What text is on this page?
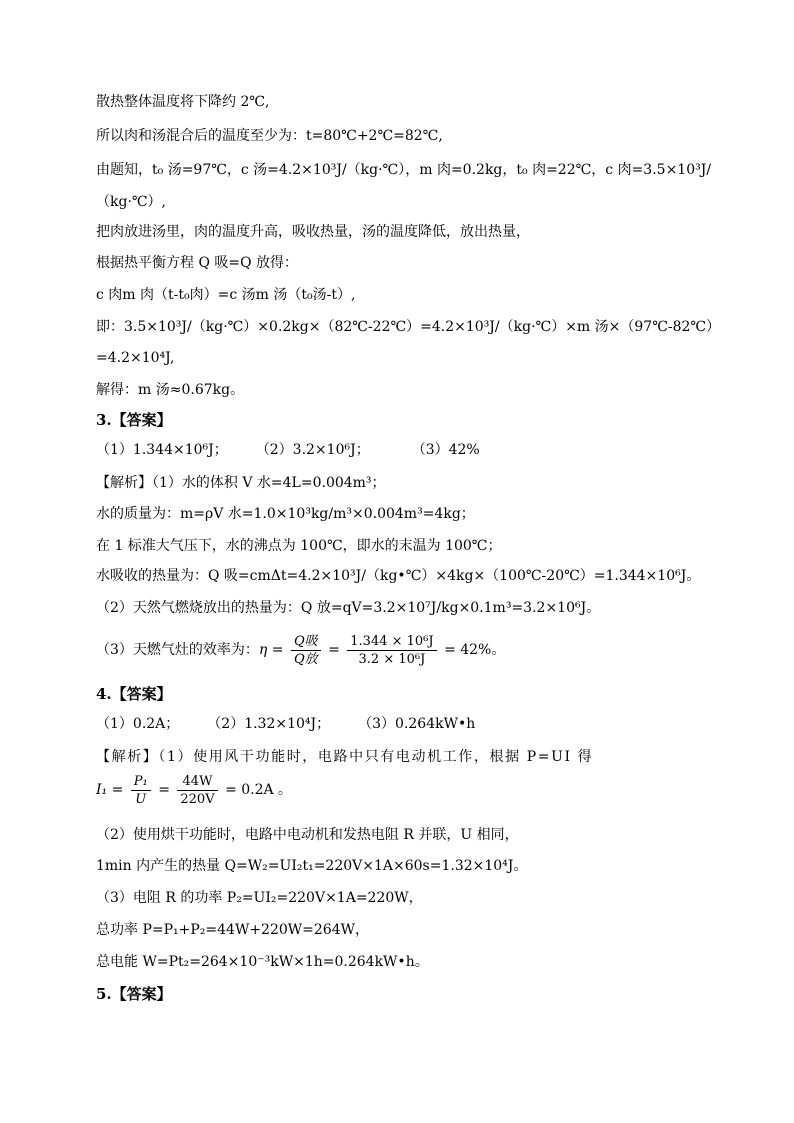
散热整体温度将下降约 2℃,
所以肉和汤混合后的温度至少为：t=80℃+2℃=82℃,
由题知，t₀ 汤=97℃，c 汤=4.2×10³J/（kg·℃），m 肉=0.2kg，t₀ 肉=22℃，c 肉=3.5×10³J/
（kg·℃）,
把肉放进汤里，肉的温度升高，吸收热量，汤的温度降低，放出热量，
根据热平衡方程 Q 吸=Q 放得：
c 肉m 肉（t-t₀肉）=c 汤m 汤（t₀汤-t）,
即：3.5×10³J/（kg·℃）×0.2kg×（82℃-22℃）=4.2×10³J/（kg·℃）×m 汤×（97℃-82℃）
=4.2×10⁴J,
解得：m 汤≈0.67kg。
3.【答案】
（1）1.344×10⁶J；　　　（2）3.2×10⁶J；　　　　（3）42%
【解析】（1）水的体积 V 水=4L=0.004m³；
水的质量为：m=ρV 水=1.0×10³kg/m³×0.004m³=4kg；
在 1 标准大气压下，水的沸点为 100℃，即水的末温为 100℃；
水吸收的热量为：Q 吸=cmΔt=4.2×10³J/（kg•℃）×4kg×（100℃-20℃）=1.344×10⁶J。
（2）天然气燃烧放出的热量为：Q 放=qV=3.2×10⁷J/kg×0.1m³=3.2×10⁶J。
（3）天燃气灶的效率为：$\eta = \frac{\text{Q吸}}{\text{Q放}} = \frac{\text{1.344 × 10⁶J}}{\text{3.2 × 10⁶J}} = 42\%$。
4.【答案】
（1）0.2A；　　　（2）1.32×10⁴J；　　　（3）0.264kW•h
【解析】（1）使用风干功能时，电路中只有电动机工作，根据 P=UI 得
$I_1 = \frac{\text{P₁}}{U} = \frac{44W}{220V} = 0.2A$ 。
（2）使用烘干功能时，电路中电动机和发热电阻 R 并联，U 相同，
1min 内产生的热量 Q=W₂=UI₂t₁=220V×1A×60s=1.32×10⁴J。
（3）电阻 R 的功率 P₂=UI₂=220V×1A=220W，
总功率 P=P₁+P₂=44W+220W=264W，
总电能 W=Pt₂=264×10⁻³kW×1h=0.264kW•h。
5.【答案】
